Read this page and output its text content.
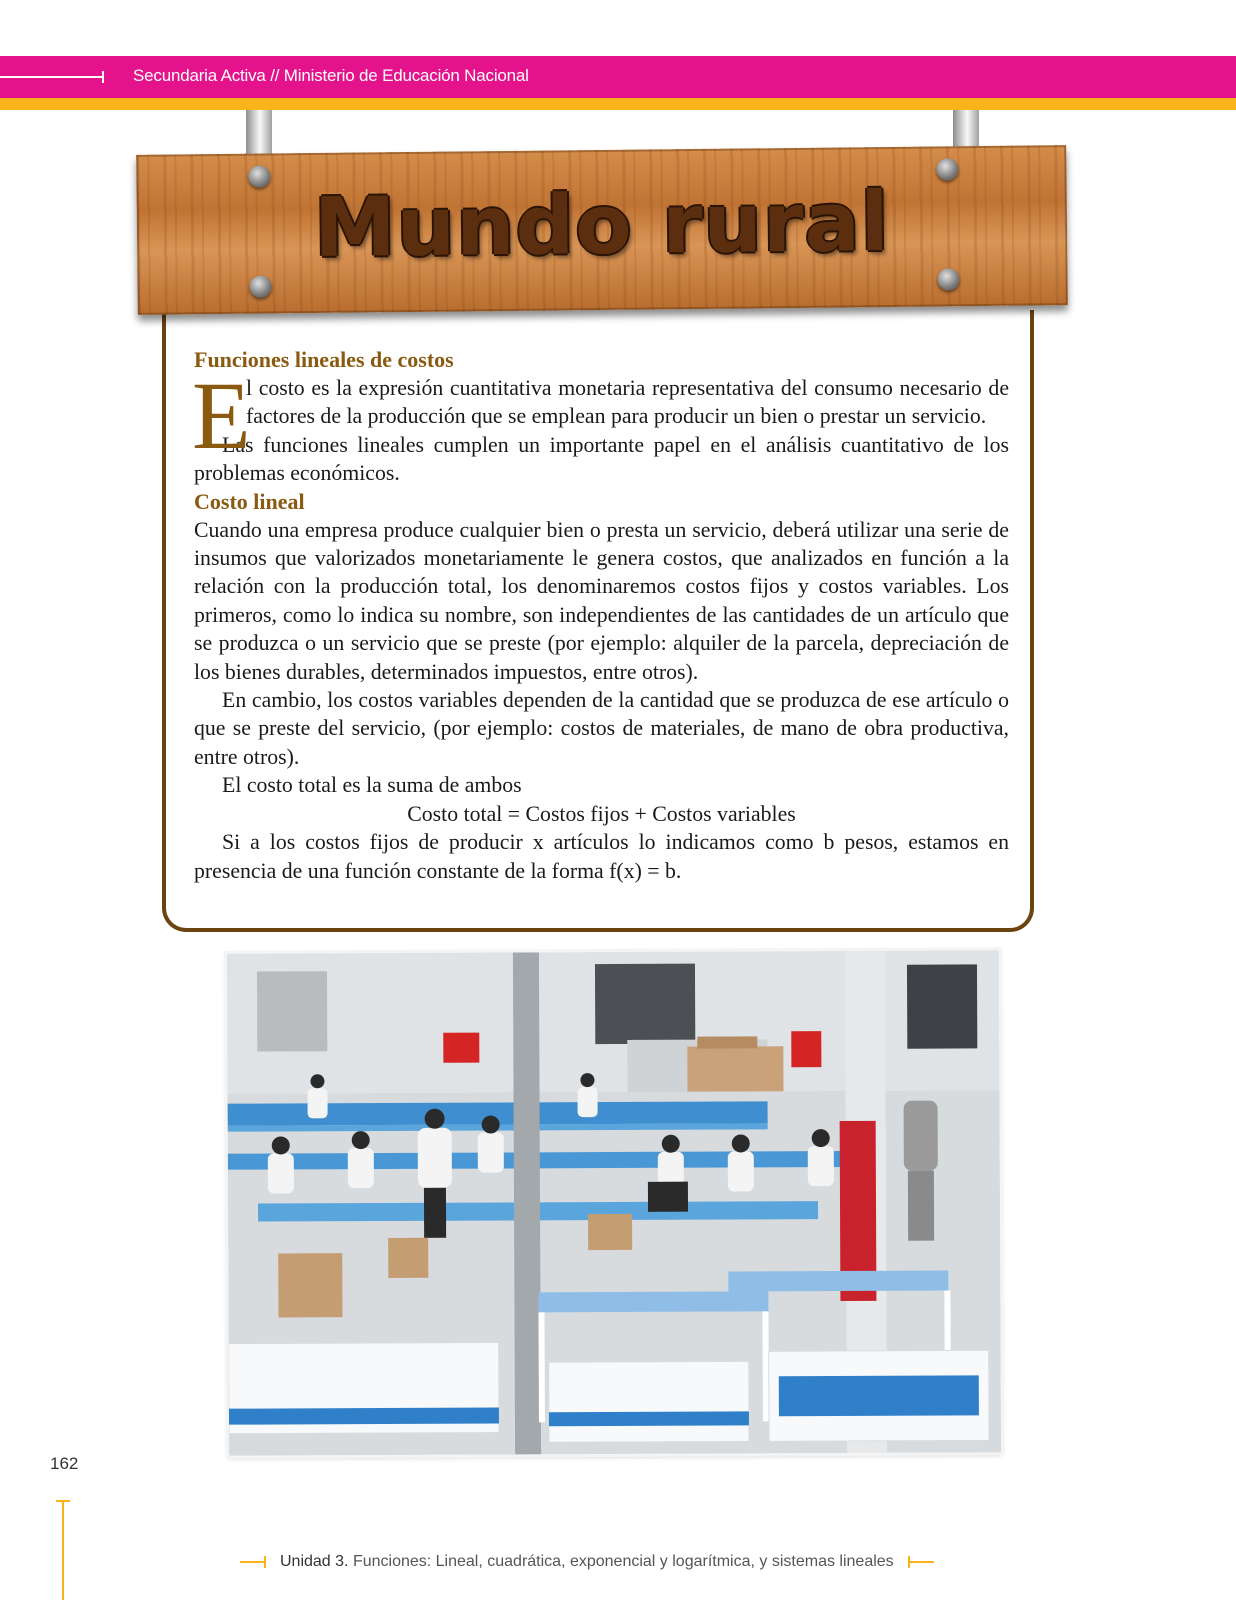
Secundaria Activa // Ministerio de Educación Nacional

Funciones lineales de costos

E

l costo es la expresión cuantitativa monetaria representativa del consumo necesario de factores de la producción que se emplean para producir un bien o prestar un servicio.

Las funciones lineales cumplen un importante papel en el análisis cuantitativo de los problemas económicos.

Costo lineal

Cuando una empresa produce cualquier bien o presta un servicio, deberá utilizar una serie de insumos que valorizados monetariamente le genera costos, que analizados en función a la relación con la producción total, los denominaremos costos fijos y costos variables. Los primeros, como lo indica su nombre, son independientes de las cantidades de un artículo que se produzca o un servicio que se preste (por ejemplo: alquiler de la parcela, depreciación de los bienes durables, determinados impuestos, entre otros).

En cambio, los costos variables dependen de la cantidad que se produzca de ese artículo o que se preste del servicio, (por ejemplo: costos de materiales, de mano de obra productiva, entre otros).

El costo total es la suma de ambos

Costo total = Costos fijos + Costos variables

Si a los costos fijos de producir x artículos lo indicamos como b pesos, estamos en presencia de una función constante de la forma f(x) = b.

Mundo rural
162
Unidad 3. Funciones: Lineal, cuadrática, exponencial y logarítmica, y sistemas lineales
